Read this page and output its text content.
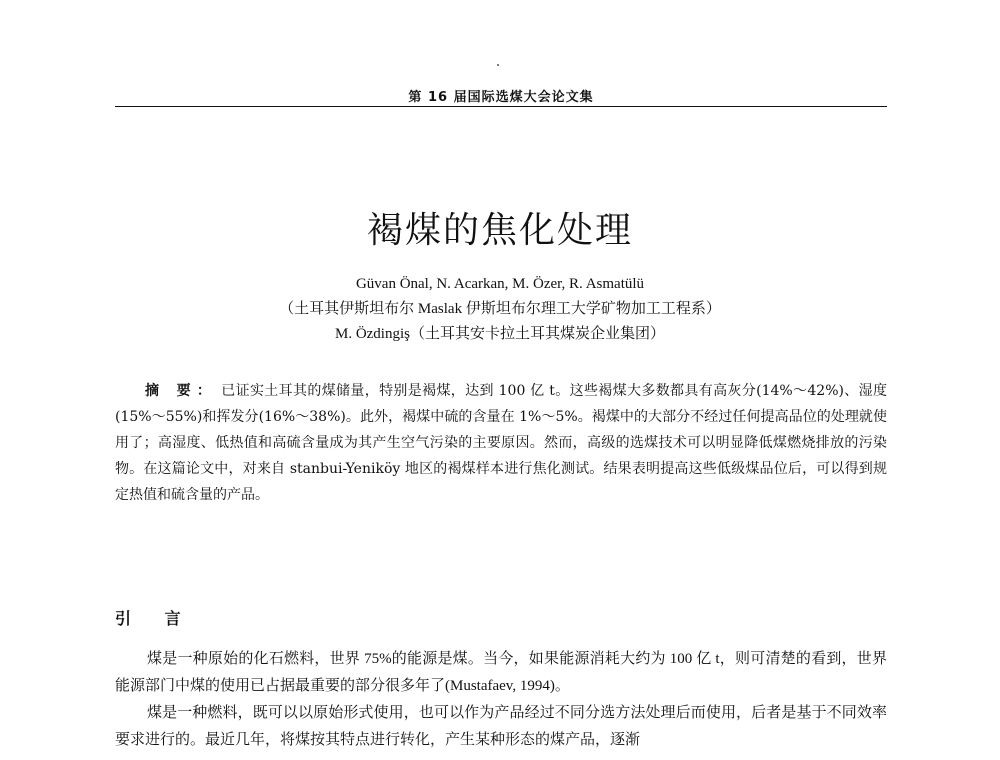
第 16 届国际选煤大会论文集
褐煤的焦化处理
Güvan Önal, N. Acarkan, M. Özer, R. Asmatülü
（土耳其伊斯坦布尔 Maslak 伊斯坦布尔理工大学矿物加工工程系）
M. Özdingiş（土耳其安卡拉土耳其煤炭企业集团）
摘 要： 已证实土耳其的煤储量，特别是褐煤，达到 100 亿 t。这些褐煤大多数都具有高灰分(14%～42%)、湿度(15%～55%)和挥发分(16%～38%)。此外，褐煤中硫的含量在 1%～5%。褐煤中的大部分不经过任何提高品位的处理就使用了；高湿度、低热值和高硫含量成为其产生空气污染的主要原因。然而，高级的选煤技术可以明显降低煤燃烧排放的污染物。在这篇论文中，对来自 stanbui-Yeniköy 地区的褐煤样本进行焦化测试。结果表明提高这些低级煤品位后，可以得到规定热值和硫含量的产品。
引 言

煤是一种原始的化石燃料，世界 75%的能源是煤。当今，如果能源消耗大约为 100 亿 t，则可清楚的看到，世界能源部门中煤的使用已占据最重要的部分很多年了(Mustafaev, 1994)。

煤是一种燃料，既可以以原始形式使用，也可以作为产品经过不同分选方法处理后而使用，后者是基于不同效率要求进行的。最近几年，将煤按其特点进行转化，产生某种形态的煤产品，逐渐
